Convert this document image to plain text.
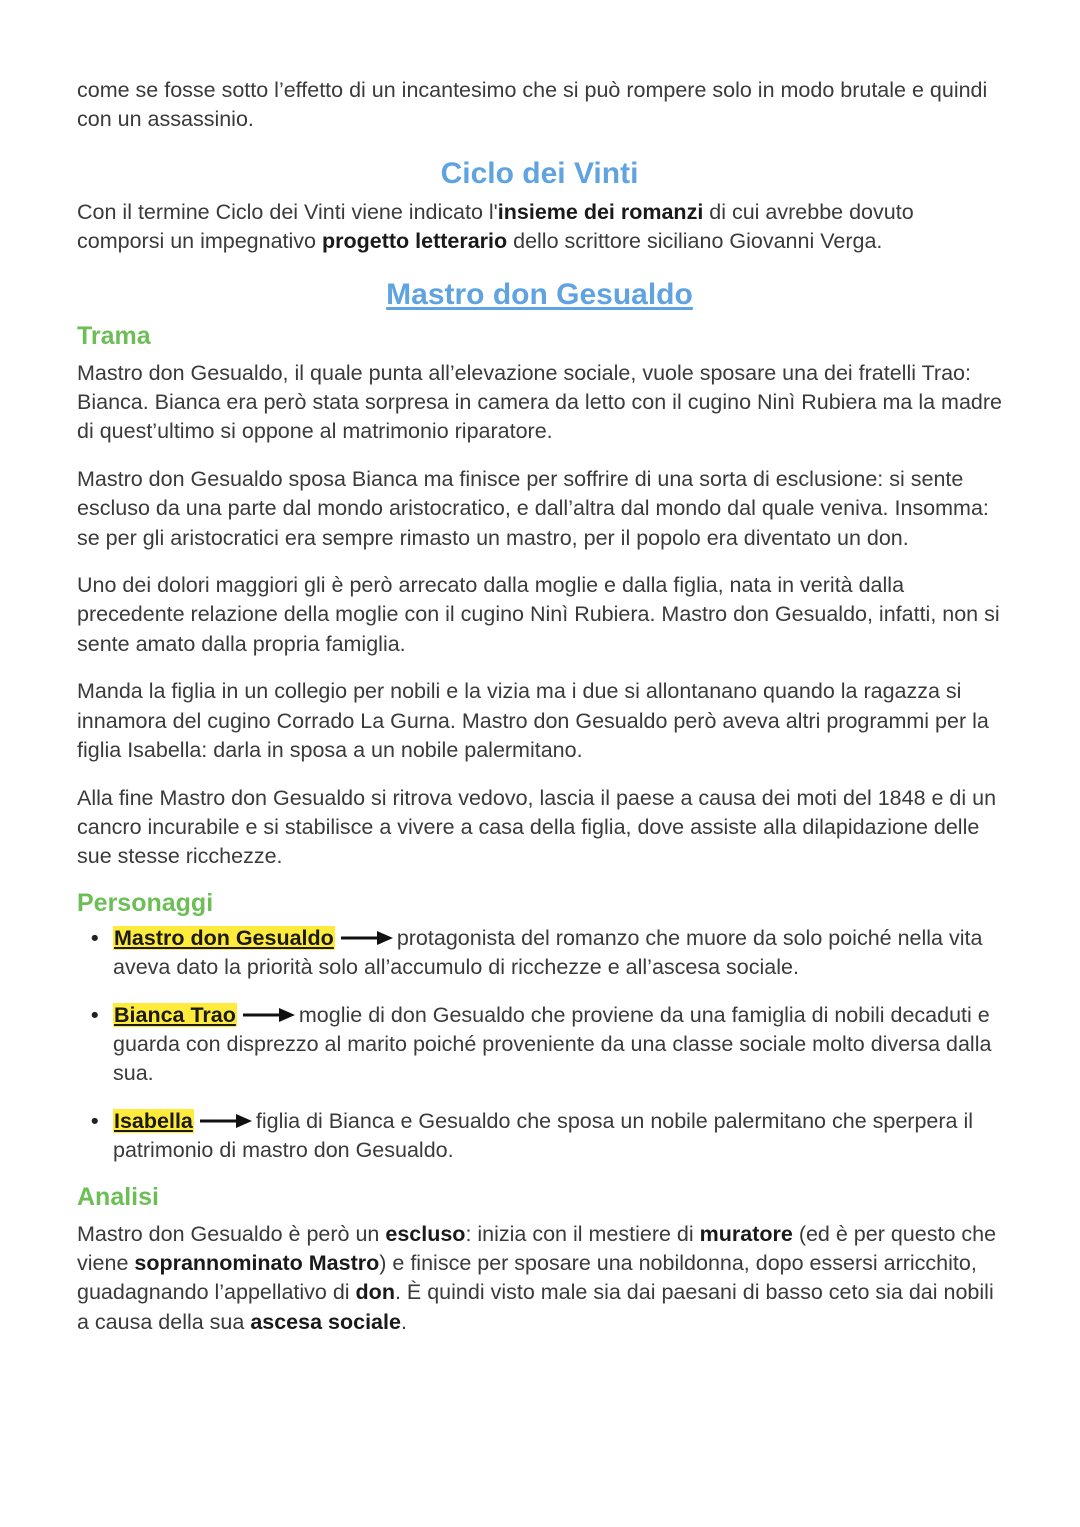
come se fosse sotto l’effetto di un incantesimo che si può rompere solo in modo brutale e quindi con un assassinio.

Ciclo dei Vinti

Con il termine Ciclo dei Vinti viene indicato l'insieme dei romanzi di cui avrebbe dovuto comporsi un impegnativo progetto letterario dello scrittore siciliano Giovanni Verga.

Mastro don Gesualdo
Trama

Mastro don Gesualdo, il quale punta all’elevazione sociale, vuole sposare una dei fratelli Trao: Bianca. Bianca era però stata sorpresa in camera da letto con il cugino Ninì Rubiera ma la madre di quest’ultimo si oppone al matrimonio riparatore.

Mastro don Gesualdo sposa Bianca ma finisce per soffrire di una sorta di esclusione: si sente escluso da una parte dal mondo aristocratico, e dall’altra dal mondo dal quale veniva. Insomma: se per gli aristocratici era sempre rimasto un mastro, per il popolo era diventato un don.

Uno dei dolori maggiori gli è però arrecato dalla moglie e dalla figlia, nata in verità dalla precedente relazione della moglie con il cugino Ninì Rubiera. Mastro don Gesualdo, infatti, non si sente amato dalla propria famiglia.

Manda la figlia in un collegio per nobili e la vizia ma i due si allontanano quando la ragazza si innamora del cugino Corrado La Gurna. Mastro don Gesualdo però aveva altri programmi per la figlia Isabella: darla in sposa a un nobile palermitano.

Alla fine Mastro don Gesualdo si ritrova vedovo, lascia il paese a causa dei moti del 1848 e di un cancro incurabile e si stabilisce a vivere a casa della figlia, dove assiste alla dilapidazione delle sue stesse ricchezze.

Personaggi
• Mastro don Gesualdo	protagonista del romanzo che muore da solo poiché nella vita aveva dato la priorità solo all’accumulo di ricchezze e all’ascesa sociale.
• Bianca Trao	moglie di don Gesualdo che proviene da una famiglia di nobili decaduti e guarda con disprezzo al marito poiché proveniente da una classe sociale molto diversa dalla sua.
• Isabella	figlia di Bianca e Gesualdo che sposa un nobile palermitano che sperpera il patrimonio di mastro don Gesualdo.
Analisi

Mastro don Gesualdo è però un escluso: inizia con il mestiere di muratore (ed è per questo che viene soprannominato Mastro) e finisce per sposare una nobildonna, dopo essersi arricchito, guadagnando l’appellativo di don. È quindi visto male sia dai paesani di basso ceto sia dai nobili a causa della sua ascesa sociale.
